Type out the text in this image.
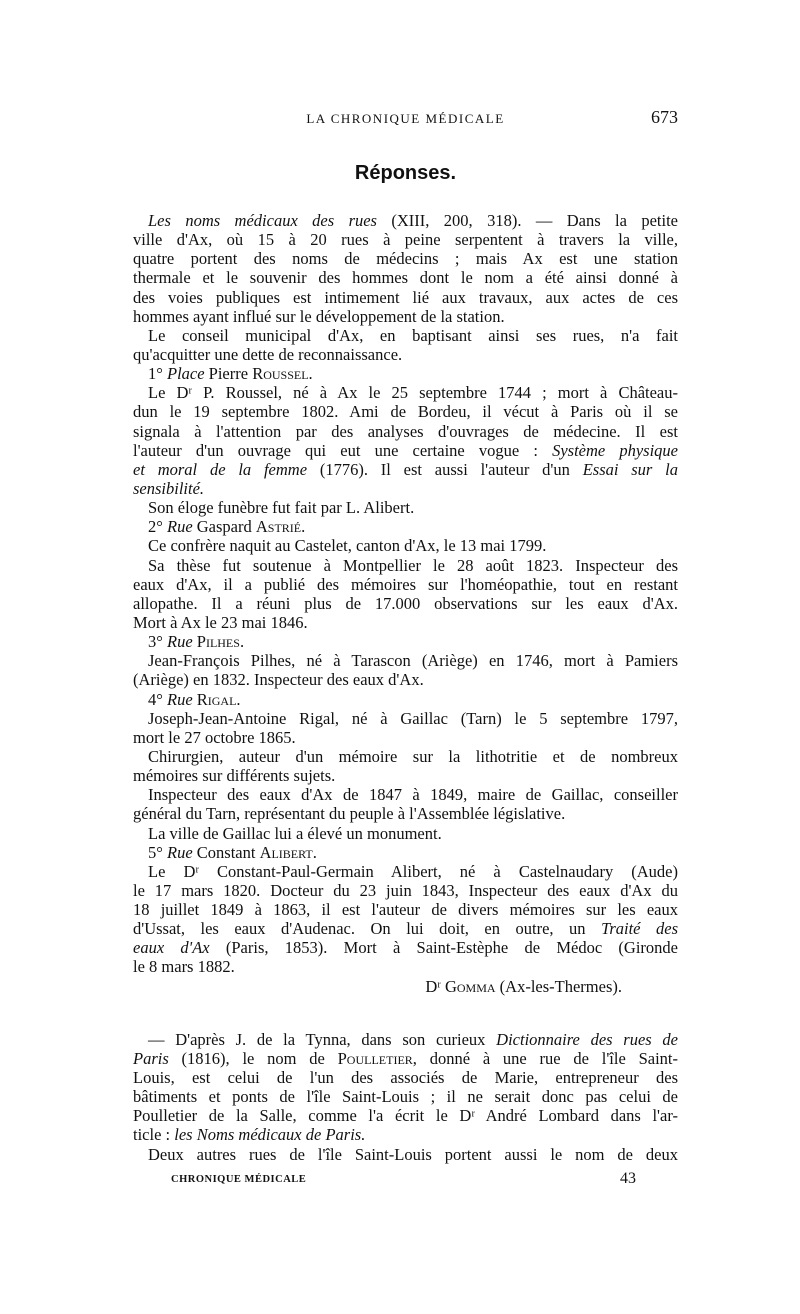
LA CHRONIQUE MÉDICALE	673
Réponses.
Les noms médicaux des rues (XIII, 200, 318). — Dans la petite
ville d'Ax, où 15 à 20 rues à peine serpentent à travers la ville,
quatre portent des noms de médecins ; mais Ax est une station
thermale et le souvenir des hommes dont le nom a été ainsi donné à
des voies publiques est intimement lié aux travaux, aux actes de ces
hommes ayant influé sur le développement de la station.
Le conseil municipal d'Ax, en baptisant ainsi ses rues, n'a fait
qu'acquitter une dette de reconnaissance.
1° Place Pierre Roussel.
Le Dʳ P. Roussel, né à Ax le 25 septembre 1744 ; mort à Château-
dun le 19 septembre 1802. Ami de Bordeu, il vécut à Paris où il se
signala à l'attention par des analyses d'ouvrages de médecine. Il est
l'auteur d'un ouvrage qui eut une certaine vogue : Système physique
et moral de la femme (1776). Il est aussi l'auteur d'un Essai sur la
sensibilité.
Son éloge funèbre fut fait par L. Alibert.
2° Rue Gaspard Astrié.
Ce confrère naquit au Castelet, canton d'Ax, le 13 mai 1799.
Sa thèse fut soutenue à Montpellier le 28 août 1823. Inspecteur des
eaux d'Ax, il a publié des mémoires sur l'homéopathie, tout en restant
allopathe. Il a réuni plus de 17.000 observations sur les eaux d'Ax.
Mort à Ax le 23 mai 1846.
3° Rue Pilhes.
Jean-François Pilhes, né à Tarascon (Ariège) en 1746, mort à Pamiers
(Ariège) en 1832. Inspecteur des eaux d'Ax.
4° Rue Rigal.
Joseph-Jean-Antoine Rigal, né à Gaillac (Tarn) le 5 septembre 1797,
mort le 27 octobre 1865.
Chirurgien, auteur d'un mémoire sur la lithotritie et de nombreux
mémoires sur différents sujets.
Inspecteur des eaux d'Ax de 1847 à 1849, maire de Gaillac, conseiller
général du Tarn, représentant du peuple à l'Assemblée législative.
La ville de Gaillac lui a élevé un monument.
5° Rue Constant Alibert.
Le Dʳ Constant-Paul-Germain Alibert, né à Castelnaudary (Aude)
le 17 mars 1820. Docteur du 23 juin 1843, Inspecteur des eaux d'Ax du
18 juillet 1849 à 1863, il est l'auteur de divers mémoires sur les eaux
d'Ussat, les eaux d'Audenac. On lui doit, en outre, un Traité des
eaux d'Ax (Paris, 1853). Mort à Saint-Estèphe de Médoc (Gironde
le 8 mars 1882.
Dʳ Gomma (Ax-les-Thermes).
— D'après J. de la Tynna, dans son curieux Dictionnaire des rues de
Paris (1816), le nom de Poulletier, donné à une rue de l'île Saint-
Louis, est celui de l'un des associés de Marie, entrepreneur des
bâtiments et ponts de l'île Saint-Louis ; il ne serait donc pas celui de
Poulletier de la Salle, comme l'a écrit le Dʳ André Lombard dans l'ar-
ticle : les Noms médicaux de Paris.
Deux autres rues de l'île Saint-Louis portent aussi le nom de deux
CHRONIQUE MÉDICALE	43
